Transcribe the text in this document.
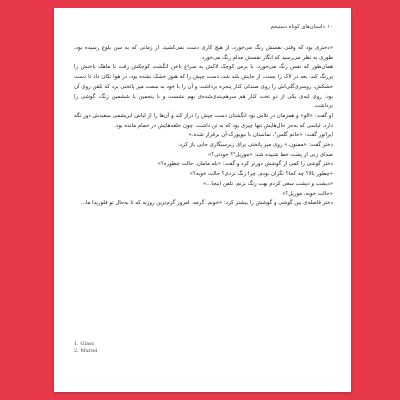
۱۰ داستان‌های کوتاه دستیجم

«دختری بود که وقتی نفسش رنگ می‌خورد، از هیچ کاری دست نمی‌کشید. از زمانی که به سن بلوغ رسیده بود، طوری به نظر می‌رسید که انگار نفسش مدام رنگ می‌خورد.

همان‌طور که نفس رنگ می‌خورد، با برس کوچک لاکش به سراغ ناخن انگشت کوچکش رفت تا ماهک ناخنش را پررنگ کند. بعد در لاک را بست، از جایش بلند شد، دست چپش را که هنوز خشک نشده بود، در هوا تکان داد تا دست خشکش، روسری‌گلی‌اش را روی صندلی کنار پنجره برداشت و آن را با خود به سمت میز پاتختی برد که تلفن روی آن بود. روی لبه‌ی یکی از دو تخت کنار هم سرهم‌بندی‌شده‌ی بهم نشست و با پنجمین یا ششمین زنگ، گوشی را برداشت.

او گفت: «الو» و همزمان در تلاش بود انگشتان دست چپش را دراز کند و آن‌ها را از لباس ابریشمی سفیدش دور نگه دارد، لباسی که به‌جز حال‌هایش تنها چیزی بود که به تن داشت. چون حلقه‌هایش در حمام مانده بود.

اپراتور گفت: «خانم گلس¹، تماستان با نیویورک-آن برقرار شده.»

دختر گفت: «ممنون.» روی میز پاتختی برای زیرسیگاری جایی باز کرد.

صدای زنی از پشت خط شنیده شد: «موریل²؟ خودتی؟»

دختر گوشی را کمی از گوشش دورتر کرد و گفت: «بله مامان. حالت چطوره؟»

«چطور بالا؟ چه کجا؟ نگران بودم. چرا زنگ نزدی؟ حالت خوبه؟»

«دیشب و دیشب سعی کردم بهت زنگ بزنم. تلفن اینجا...»

«حالت خوبه، موریل؟»

دختر فاصله‌ی بین گوشی و گوشش را بیشتر کرد: «خوبم. گرمه. امروز گرم‌ترین روزیه که تا به‌حال تو فلوریدا ما...

1. Glass
2. Muriel
